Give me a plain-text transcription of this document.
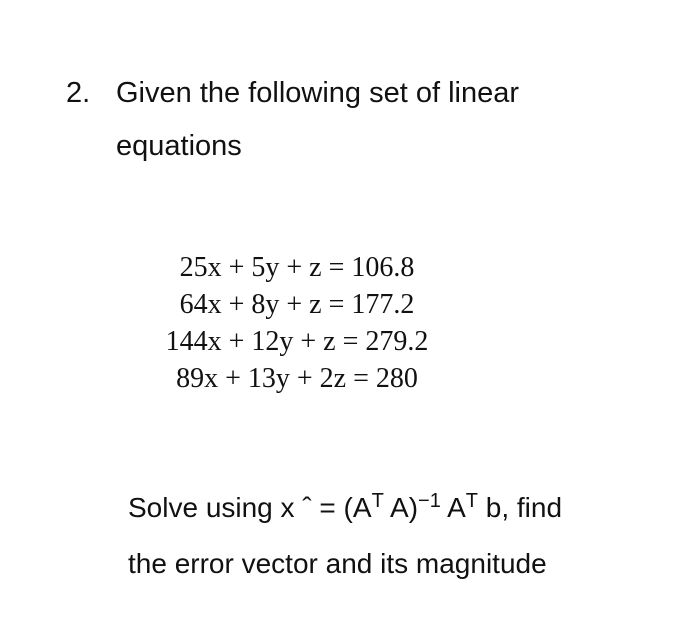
2. Given the following set of linear
equations
25x + 5y + z = 106.8
64x + 8y + z = 177.2
144x + 12y + z = 279.2
89x + 13y + 2z = 280
Solve using x ˆ = ($A^T$ A)$^{-1}$ $A^T$ b, find
the error vector and its magnitude
